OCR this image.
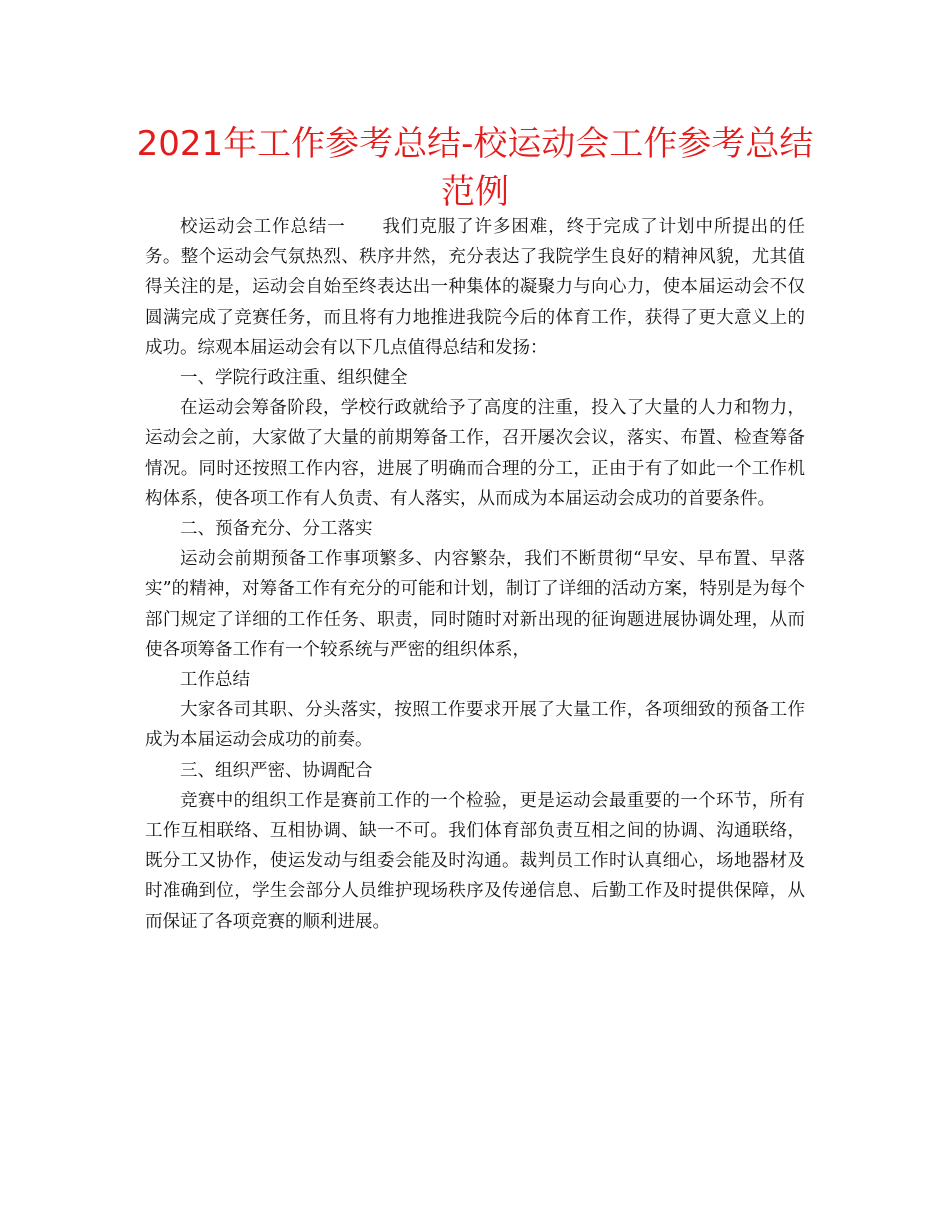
2021年工作参考总结-校运动会工作参考总结范例

校运动会工作总结一　　我们克服了许多困难，终于完成了计划中所提出的任务。整个运动会气氛热烈、秩序井然，充分表达了我院学生良好的精神风貌，尤其值得关注的是，运动会自始至终表达出一种集体的凝聚力与向心力，使本届运动会不仅圆满完成了竞赛任务，而且将有力地推进我院今后的体育工作，获得了更大意义上的成功。综观本届运动会有以下几点值得总结和发扬：

一、学院行政注重、组织健全

在运动会筹备阶段，学校行政就给予了高度的注重，投入了大量的人力和物力，运动会之前，大家做了大量的前期筹备工作，召开屡次会议，落实、布置、检查筹备情况。同时还按照工作内容，进展了明确而合理的分工，正由于有了如此一个工作机构体系，使各项工作有人负责、有人落实，从而成为本届运动会成功的首要条件。

二、预备充分、分工落实

运动会前期预备工作事项繁多、内容繁杂，我们不断贯彻“早安、早布置、早落实”的精神，对筹备工作有充分的可能和计划，制订了详细的活动方案，特别是为每个部门规定了详细的工作任务、职责，同时随时对新出现的征询题进展协调处理，从而使各项筹备工作有一个较系统与严密的组织体系，

工作总结

大家各司其职、分头落实，按照工作要求开展了大量工作，各项细致的预备工作成为本届运动会成功的前奏。

三、组织严密、协调配合

竞赛中的组织工作是赛前工作的一个检验，更是运动会最重要的一个环节，所有工作互相联络、互相协调、缺一不可。我们体育部负责互相之间的协调、沟通联络，既分工又协作，使运发动与组委会能及时沟通。裁判员工作时认真细心，场地器材及时准确到位，学生会部分人员维护现场秩序及传递信息、后勤工作及时提供保障，从而保证了各项竞赛的顺利进展。
